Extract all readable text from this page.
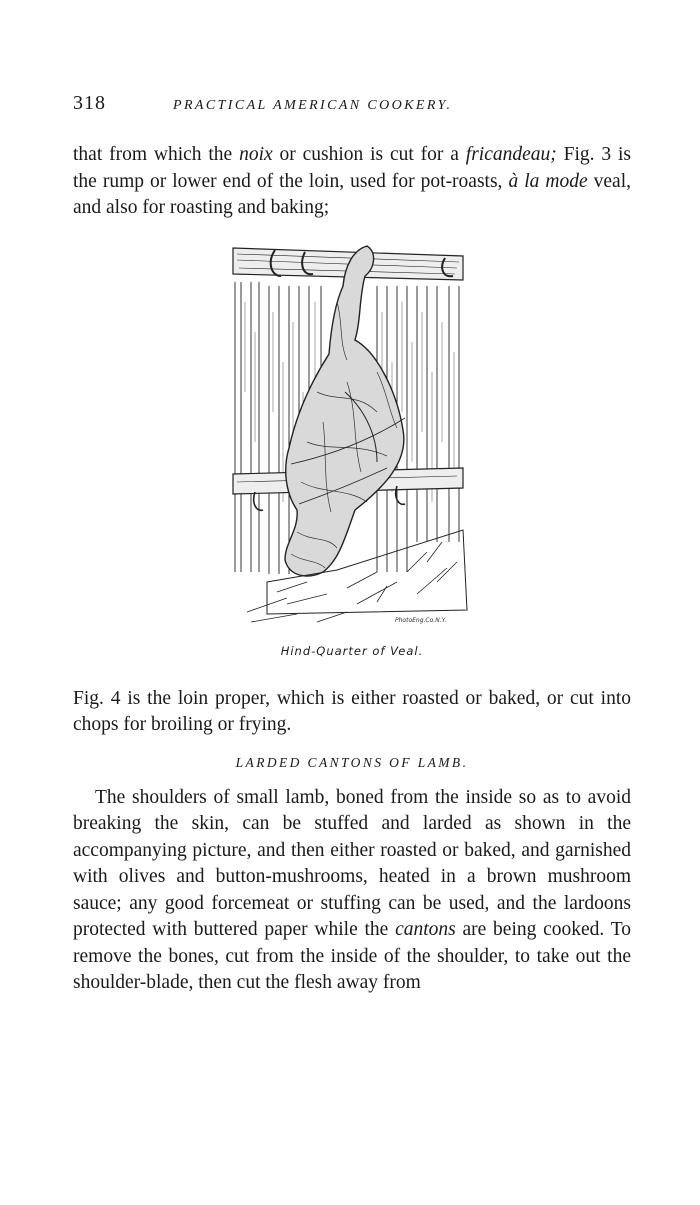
318	PRACTICAL AMERICAN COOKERY.

that from which the noix or cushion is cut for a fricandeau; Fig. 3 is the rump or lower end of the loin, used for pot-roasts, à la mode veal, and also for roasting and baking;

PhotoEng.Co.N.Y.
Hind-Quarter of Veal.

Fig. 4 is the loin proper, which is either roasted or baked, or cut into chops for broiling or frying.

LARDED CANTONS OF LAMB.

The shoulders of small lamb, boned from the inside so as to avoid breaking the skin, can be stuffed and larded as shown in the accompanying picture, and then either roasted or baked, and garnished with olives and button-mushrooms, heated in a brown mushroom sauce; any good forcemeat or stuffing can be used, and the lardoons protected with buttered paper while the cantons are being cooked. To remove the bones, cut from the inside of the shoulder, to take out the shoulder-blade, then cut the flesh away from
